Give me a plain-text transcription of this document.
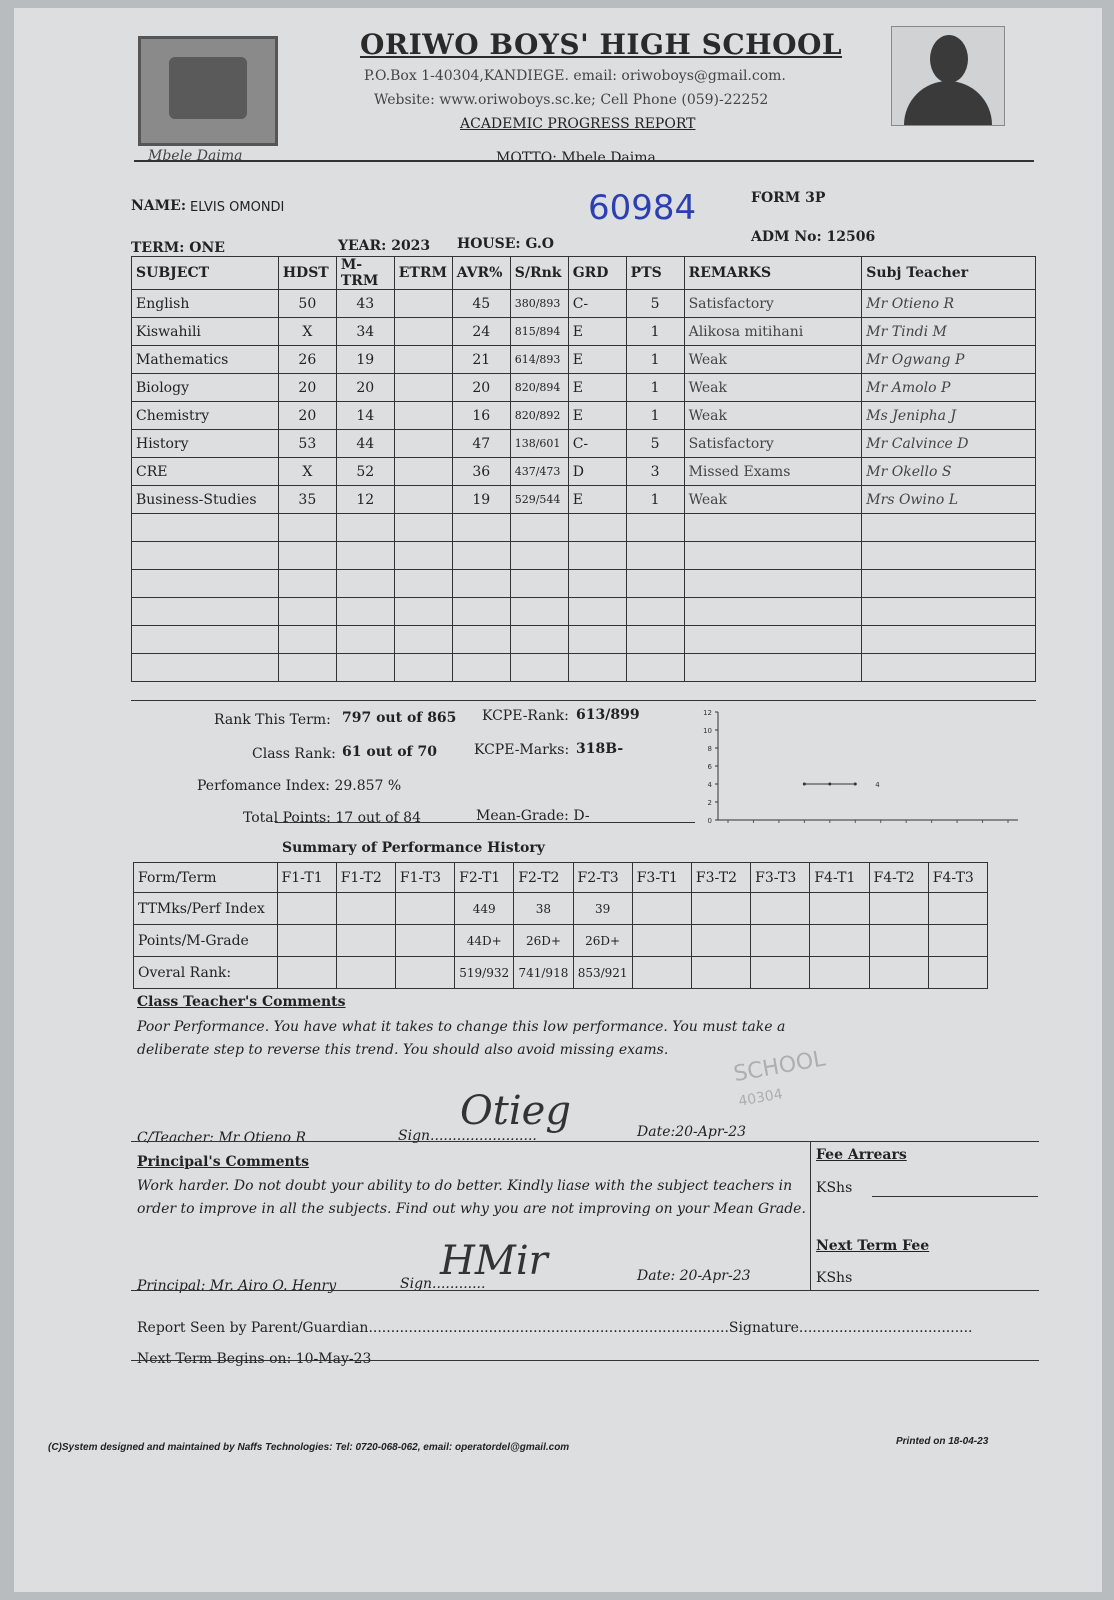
Mbele Daima
ORIWO BOYS' HIGH SCHOOL
P.O.Box 1-40304,KANDIEGE. email: oriwoboys@gmail.com.
Website: www.oriwoboys.sc.ke; Cell Phone (059)-22252
ACADEMIC PROGRESS REPORT
MOTTO: Mbele Daima
NAME: ELVIS OMONDI	60984	FORM 3P
TERM: ONE	YEAR: 2023 HOUSE: G.O	ADM No: 12506
SUBJECT	HDST	M-TRM	ETRM	AVR%	S/Rnk	GRD	PTS	REMARKS	Subj Teacher
English	50	43		45	380/893	C-	5	Satisfactory	Mr Otieno R
Kiswahili	X	34		24	815/894	E	1	Alikosa mitihani	Mr Tindi M
Mathematics	26	19		21	614/893	E	1	Weak	Mr Ogwang P
Biology	20	20		20	820/894	E	1	Weak	Mr Amolo P
Chemistry	20	14		16	820/892	E	1	Weak	Ms Jenipha J
History	53	44		47	138/601	C-	5	Satisfactory	Mr Calvince D
CRE	X	52		36	437/473	D	3	Missed Exams	Mr Okello S
Business-Studies	35	12		19	529/544	E	1	Weak	Mrs Owino L

Rank This Term: 797 out of 865 KCPE-Rank: 613/899
Class Rank: 61 out of 70	KCPE-Marks: 318B-
Perfomance Index: 29.857 %
Total Points: 17 out of 84	Mean-Grade: D-
12
10
8
6
4
2
0
4
Summary of Performance History
Form/Term	F1-T1	F1-T2	F1-T3	F2-T1	F2-T2	F2-T3	F3-T1	F3-T2	F3-T3	F4-T1	F4-T2	F4-T3
TTMks/Perf Index				449	38	39						
Points/M-Grade				44D+	26D+	26D+						
Overal Rank:				519/932	741/918	853/921						
Class Teacher's Comments
Poor Performance. You have what it takes to change this low performance. You must take a
deliberate step to reverse this trend. You should also avoid missing exams.	SCHOOL
40304
Otieg
C/Teacher: Mr Otieno R	Sign........................	Date:20-Apr-23
Principal's Comments
Work harder. Do not doubt your ability to do better. Kindly liase with the subject teachers in
order to improve in all the subjects. Find out why you are not improving on your Mean Grade.
HMir
Principal: Mr. Airo O. Henry	Sign............	Date: 20-Apr-23
Fee Arrears
KShs
Next Term Fee
KShs
Report Seen by Parent/Guardian.................................................................................Signature.......................................
Next Term Begins on: 10-May-23
(C)System designed and maintained by Naffs Technologies: Tel: 0720-068-062, email: operatordel@gmail.com
Printed on 18-04-23
